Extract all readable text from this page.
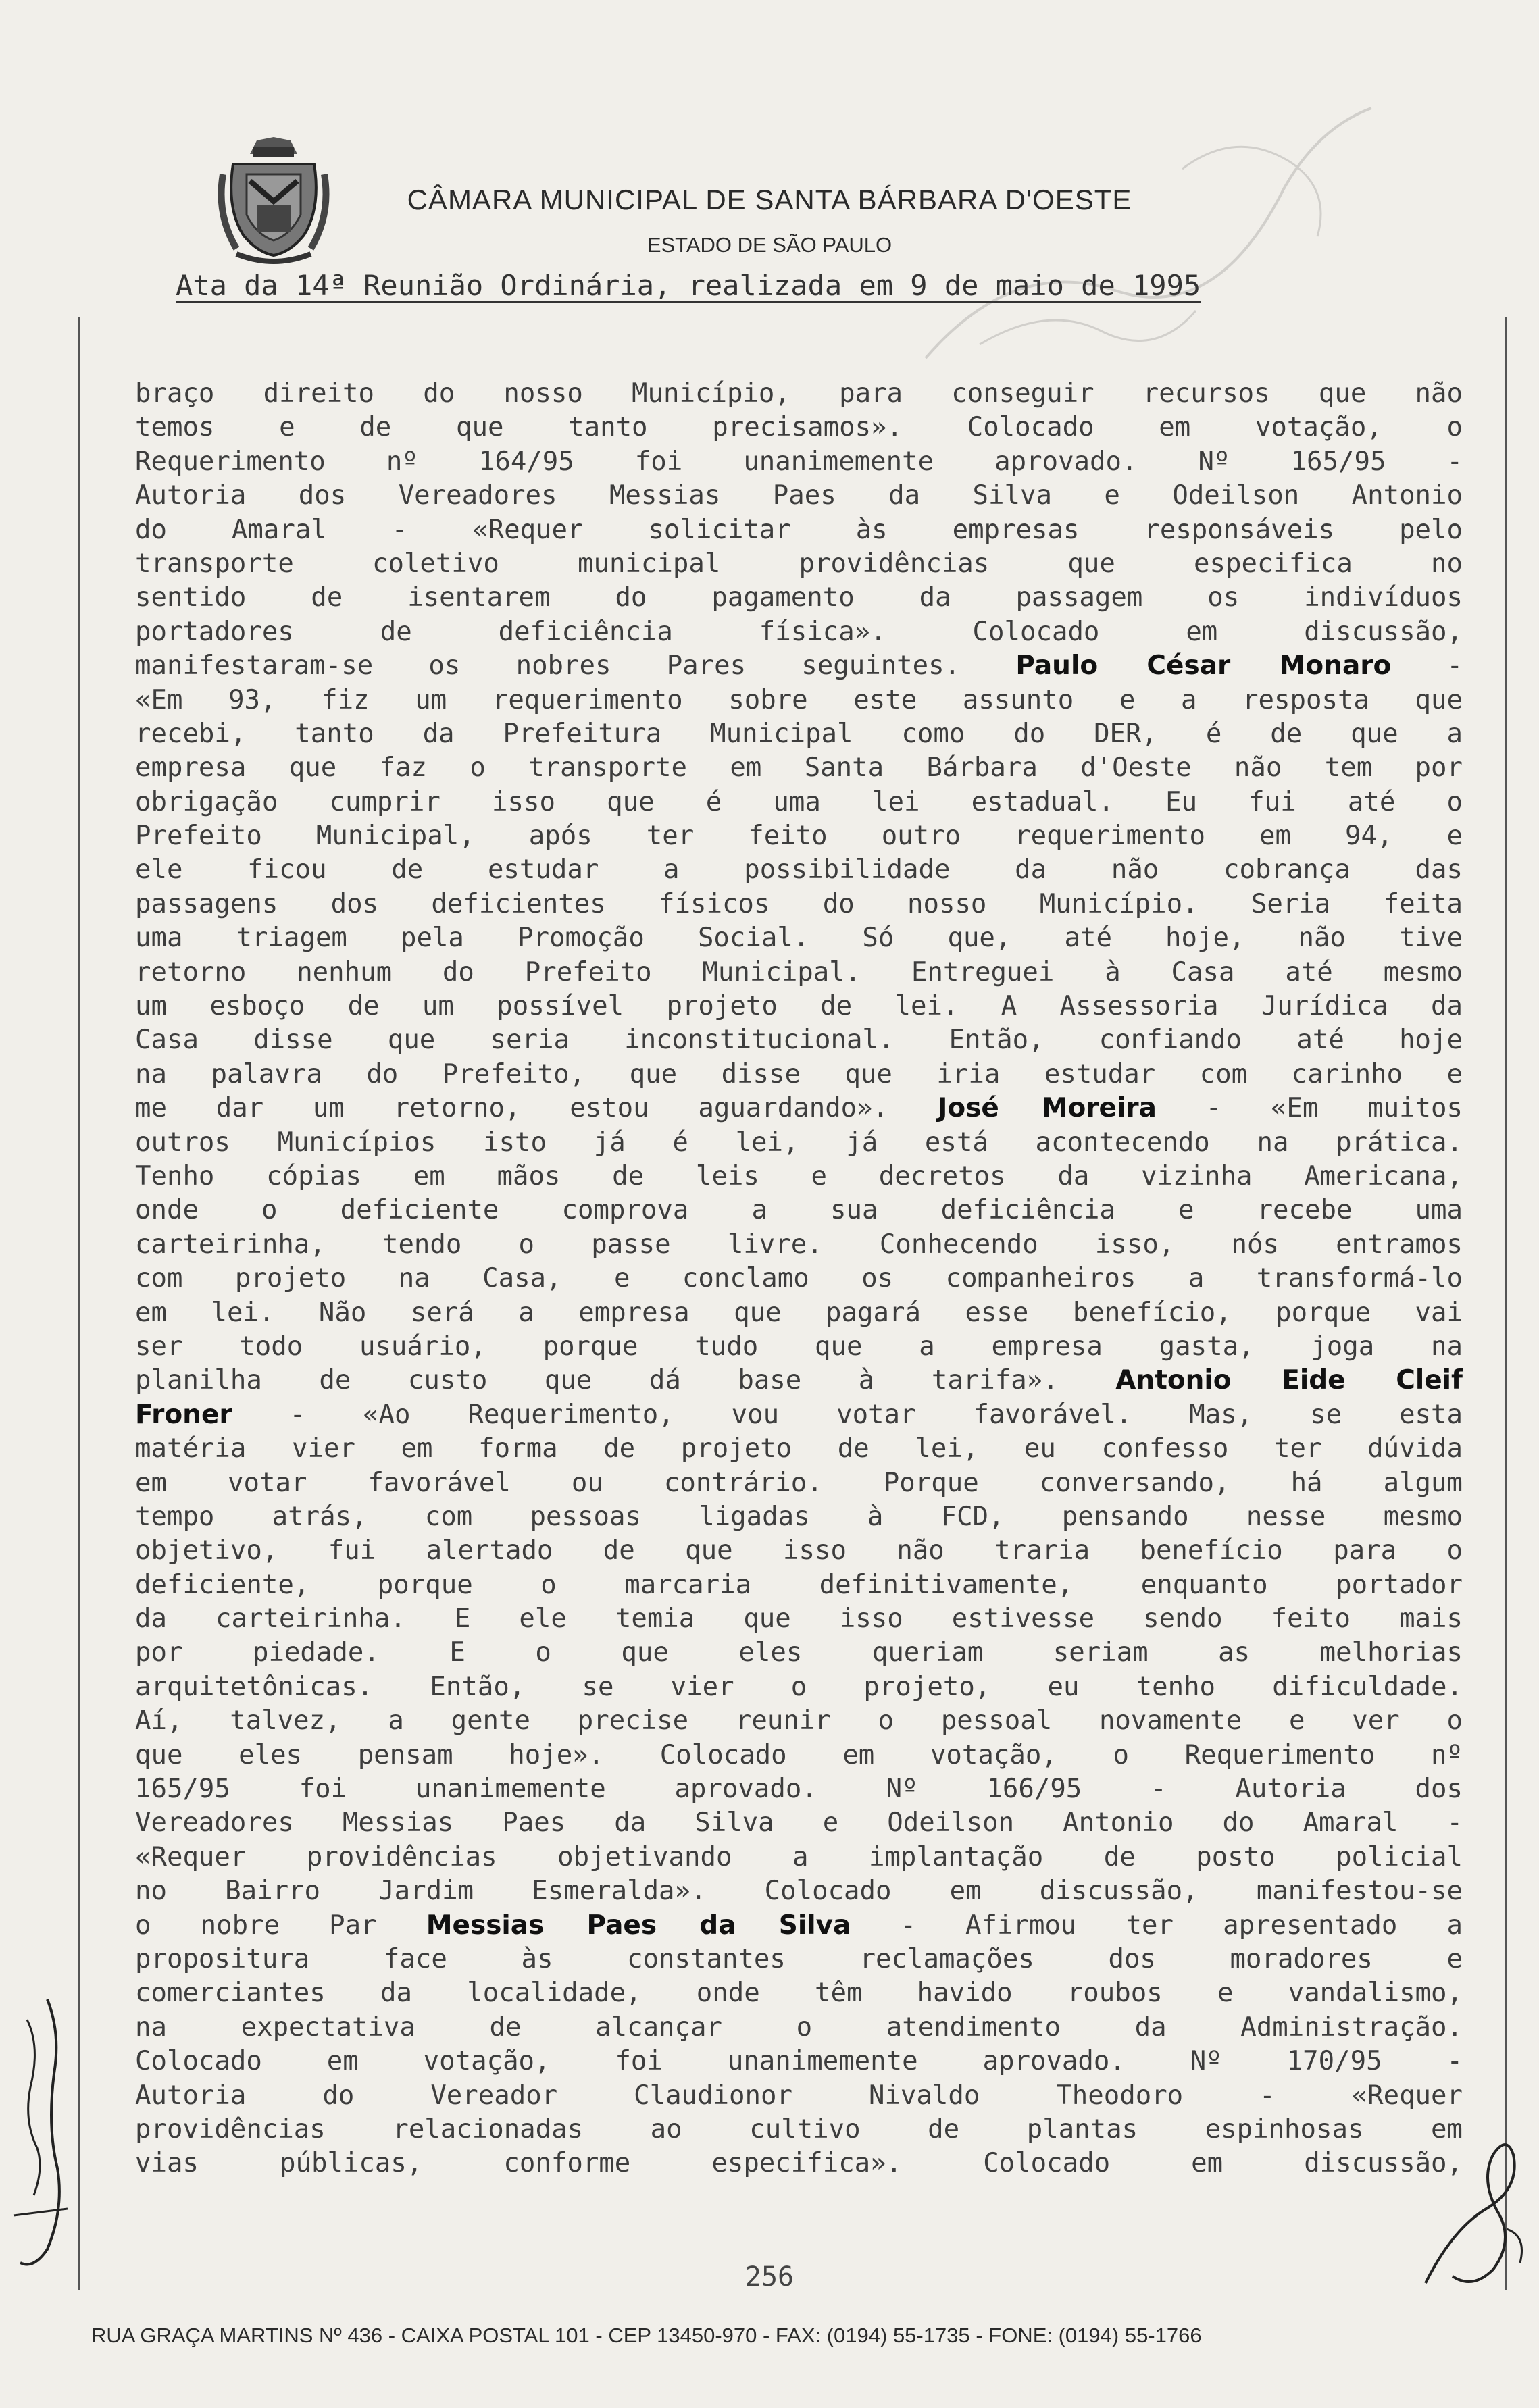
CÂMARA MUNICIPAL DE SANTA BÁRBARA D'OESTE
ESTADO DE SÃO PAULO
Ata da 14ª Reunião Ordinária, realizada em 9 de maio de 1995
braço direito do nosso Município, para conseguir recursos que não
temos e de que tanto precisamos». Colocado em votação, o
Requerimento nº 164/95 foi unanimemente aprovado. Nº 165/95 -
Autoria dos Vereadores Messias Paes da Silva e Odeilson Antonio
do Amaral - «Requer solicitar às empresas responsáveis pelo
transporte coletivo municipal providências que especifica no
sentido de isentarem do pagamento da passagem os indivíduos
portadores de deficiência física». Colocado em discussão,
manifestaram-se os nobres Pares seguintes. Paulo César Monaro -
«Em 93, fiz um requerimento sobre este assunto e a resposta que
recebi, tanto da Prefeitura Municipal como do DER, é de que a
empresa que faz o transporte em Santa Bárbara d'Oeste não tem por
obrigação cumprir isso que é uma lei estadual. Eu fui até o
Prefeito Municipal, após ter feito outro requerimento em 94, e
ele ficou de estudar a possibilidade da não cobrança das
passagens dos deficientes físicos do nosso Município. Seria feita
uma triagem pela Promoção Social. Só que, até hoje, não tive
retorno nenhum do Prefeito Municipal. Entreguei à Casa até mesmo
um esboço de um possível projeto de lei. A Assessoria Jurídica da
Casa disse que seria inconstitucional. Então, confiando até hoje
na palavra do Prefeito, que disse que iria estudar com carinho e
me dar um retorno, estou aguardando». José Moreira - «Em muitos
outros Municípios isto já é lei, já está acontecendo na prática.
Tenho cópias em mãos de leis e decretos da vizinha Americana,
onde o deficiente comprova a sua deficiência e recebe uma
carteirinha, tendo o passe livre. Conhecendo isso, nós entramos
com projeto na Casa, e conclamo os companheiros a transformá-lo
em lei. Não será a empresa que pagará esse benefício, porque vai
ser todo usuário, porque tudo que a empresa gasta, joga na
planilha de custo que dá base à tarifa». Antonio Eide Cleif
Froner - «Ao Requerimento, vou votar favorável. Mas, se esta
matéria vier em forma de projeto de lei, eu confesso ter dúvida
em votar favorável ou contrário. Porque conversando, há algum
tempo atrás, com pessoas ligadas à FCD, pensando nesse mesmo
objetivo, fui alertado de que isso não traria benefício para o
deficiente, porque o marcaria definitivamente, enquanto portador
da carteirinha. E ele temia que isso estivesse sendo feito mais
por piedade. E o que eles queriam seriam as melhorias
arquitetônicas. Então, se vier o projeto, eu tenho dificuldade.
Aí, talvez, a gente precise reunir o pessoal novamente e ver o
que eles pensam hoje». Colocado em votação, o Requerimento nº
165/95 foi unanimemente aprovado. Nº 166/95 - Autoria dos
Vereadores Messias Paes da Silva e Odeilson Antonio do Amaral -
«Requer providências objetivando a implantação de posto policial
no Bairro Jardim Esmeralda». Colocado em discussão, manifestou-se
o nobre Par Messias Paes da Silva - Afirmou ter apresentado a
propositura face às constantes reclamações dos moradores e
comerciantes da localidade, onde têm havido roubos e vandalismo,
na expectativa de alcançar o atendimento da Administração.
Colocado em votação, foi unanimemente aprovado. Nº 170/95 -
Autoria do Vereador Claudionor Nivaldo Theodoro - «Requer
providências relacionadas ao cultivo de plantas espinhosas em
vias públicas, conforme especifica». Colocado em discussão,
256
RUA GRAÇA MARTINS Nº 436 - CAIXA POSTAL 101 - CEP 13450-970 - FAX: (0194) 55-1735 - FONE: (0194) 55-1766
